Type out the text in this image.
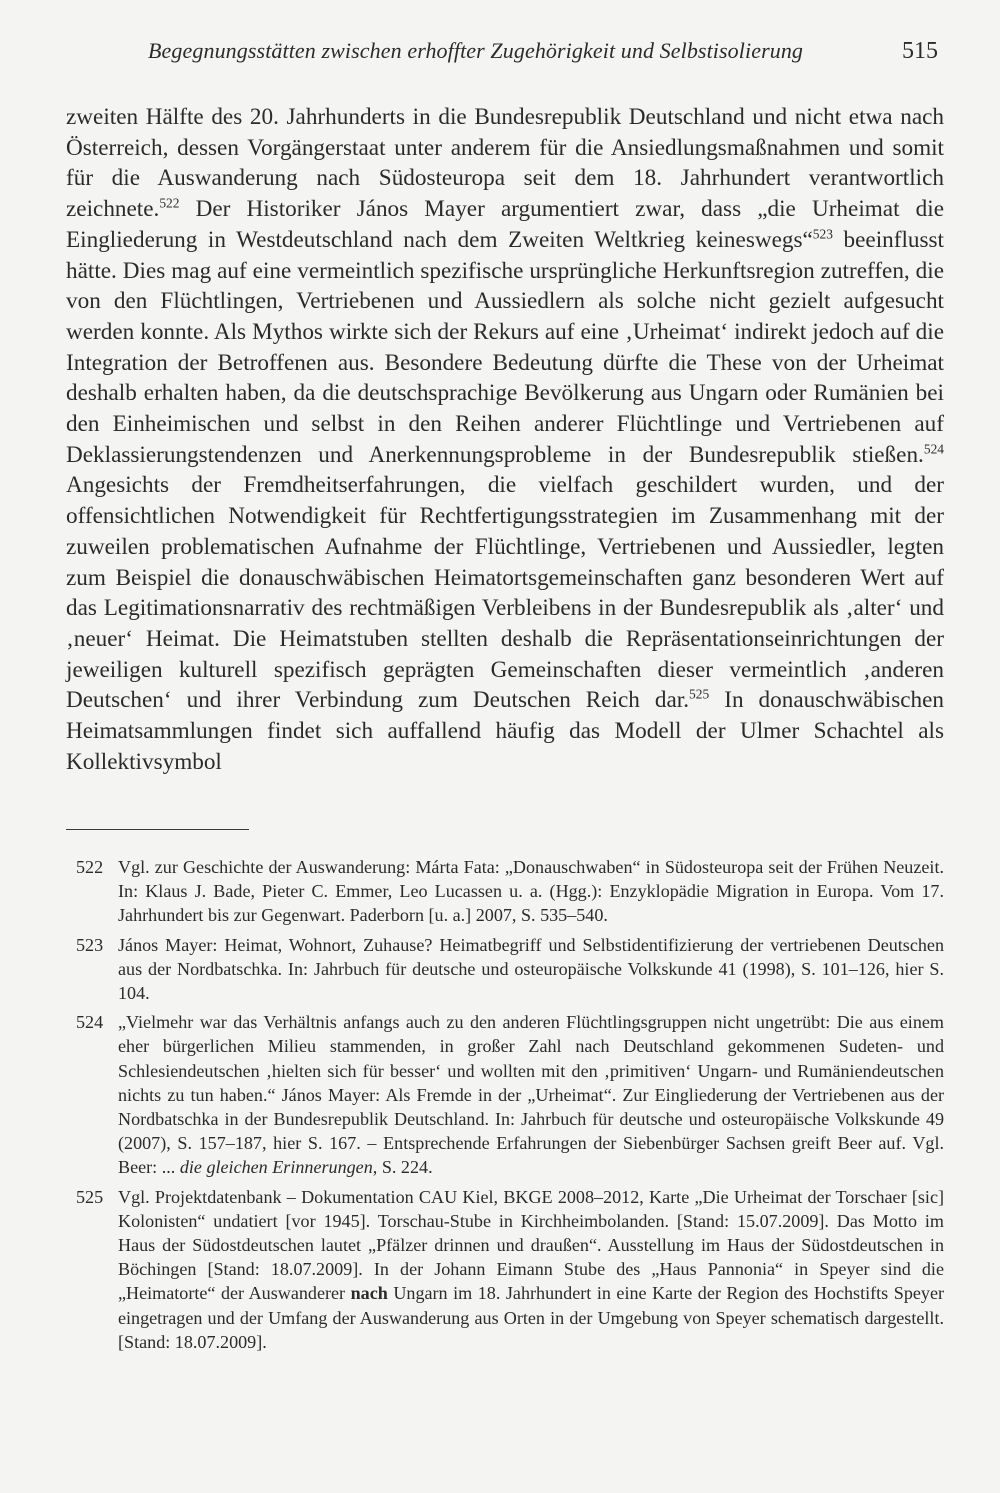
Begegnungsstätten zwischen erhoffter Zugehörigkeit und Selbstisolierung	515

zweiten Hälfte des 20. Jahrhunderts in die Bundesrepublik Deutschland und nicht etwa nach Österreich, dessen Vorgängerstaat unter anderem für die Ansiedlungsmaßnahmen und somit für die Auswanderung nach Südosteuropa seit dem 18. Jahrhundert verantwortlich zeichnete.$^{522}$ Der Historiker János Mayer argumentiert zwar, dass „die Urheimat die Eingliederung in Westdeutschland nach dem Zweiten Weltkrieg keineswegs“$^{523}$ beeinflusst hätte. Dies mag auf eine vermeintlich spezifische ursprüngliche Herkunftsregion zutreffen, die von den Flüchtlingen, Vertriebenen und Aussiedlern als solche nicht gezielt aufgesucht werden konnte. Als Mythos wirkte sich der Rekurs auf eine ‚Urheimat‘ indirekt jedoch auf die Integration der Betroffenen aus. Besondere Bedeutung dürfte die These von der Urheimat deshalb erhalten haben, da die deutschsprachige Bevölkerung aus Ungarn oder Rumänien bei den Einheimischen und selbst in den Reihen anderer Flüchtlinge und Vertriebenen auf Deklassierungstendenzen und Anerkennungsprobleme in der Bundesrepublik stießen.$^{524}$ Angesichts der Fremdheitserfahrungen, die vielfach geschildert wurden, und der offensichtlichen Notwendigkeit für Rechtfertigungsstrategien im Zusammenhang mit der zuweilen problematischen Aufnahme der Flüchtlinge, Vertriebenen und Aussiedler, legten zum Beispiel die donauschwäbischen Heimatortsgemeinschaften ganz besonderen Wert auf das Legitimationsnarrativ des rechtmäßigen Verbleibens in der Bundesrepublik als ‚alter‘ und ‚neuer‘ Heimat. Die Heimatstuben stellten deshalb die Repräsentationseinrichtungen der jeweiligen kulturell spezifisch geprägten Gemeinschaften dieser vermeintlich ‚anderen Deutschen‘ und ihrer Verbindung zum Deutschen Reich dar.$^{525}$ In donauschwäbischen Heimatsammlungen findet sich auffallend häufig das Modell der Ulmer Schachtel als Kollektivsymbol

522 Vgl. zur Geschichte der Auswanderung: Márta Fata: „Donauschwaben“ in Südosteuropa seit der Frühen Neuzeit. In: Klaus J. Bade, Pieter C. Emmer, Leo Lucassen u. a. (Hgg.): Enzyklopädie Migration in Europa. Vom 17. Jahrhundert bis zur Gegenwart. Paderborn [u. a.] 2007, S. 535–540.
523 János Mayer: Heimat, Wohnort, Zuhause? Heimatbegriff und Selbstidentifizierung der vertriebenen Deutschen aus der Nordbatschka. In: Jahrbuch für deutsche und osteuropäische Volkskunde 41 (1998), S. 101–126, hier S. 104.
524 „Vielmehr war das Verhältnis anfangs auch zu den anderen Flüchtlingsgruppen nicht ungetrübt: Die aus einem eher bürgerlichen Milieu stammenden, in großer Zahl nach Deutschland gekommenen Sudeten- und Schlesiendeutschen ‚hielten sich für besser‘ und wollten mit den ‚primitiven‘ Ungarn- und Rumäniendeutschen nichts zu tun haben.“ János Mayer: Als Fremde in der „Urheimat“. Zur Eingliederung der Vertriebenen aus der Nordbatschka in der Bundesrepublik Deutschland. In: Jahrbuch für deutsche und osteuropäische Volkskunde 49 (2007), S. 157–187, hier S. 167. – Entsprechende Erfahrungen der Siebenbürger Sachsen greift Beer auf. Vgl. Beer: ... die gleichen Erinnerungen, S. 224.
525 Vgl. Projektdatenbank – Dokumentation CAU Kiel, BKGE 2008–2012, Karte „Die Urheimat der Torschaer [sic] Kolonisten“ undatiert [vor 1945]. Torschau-Stube in Kirchheimbolanden. [Stand: 15.07.2009]. Das Motto im Haus der Südostdeutschen lautet „Pfälzer drinnen und draußen“. Ausstellung im Haus der Südostdeutschen in Böchingen [Stand: 18.07.2009]. In der Johann Eimann Stube des „Haus Pannonia“ in Speyer sind die „Heimatorte“ der Auswanderer nach Ungarn im 18. Jahrhundert in eine Karte der Region des Hochstifts Speyer eingetragen und der Umfang der Auswanderung aus Orten in der Umgebung von Speyer schematisch dargestellt. [Stand: 18.07.2009].
